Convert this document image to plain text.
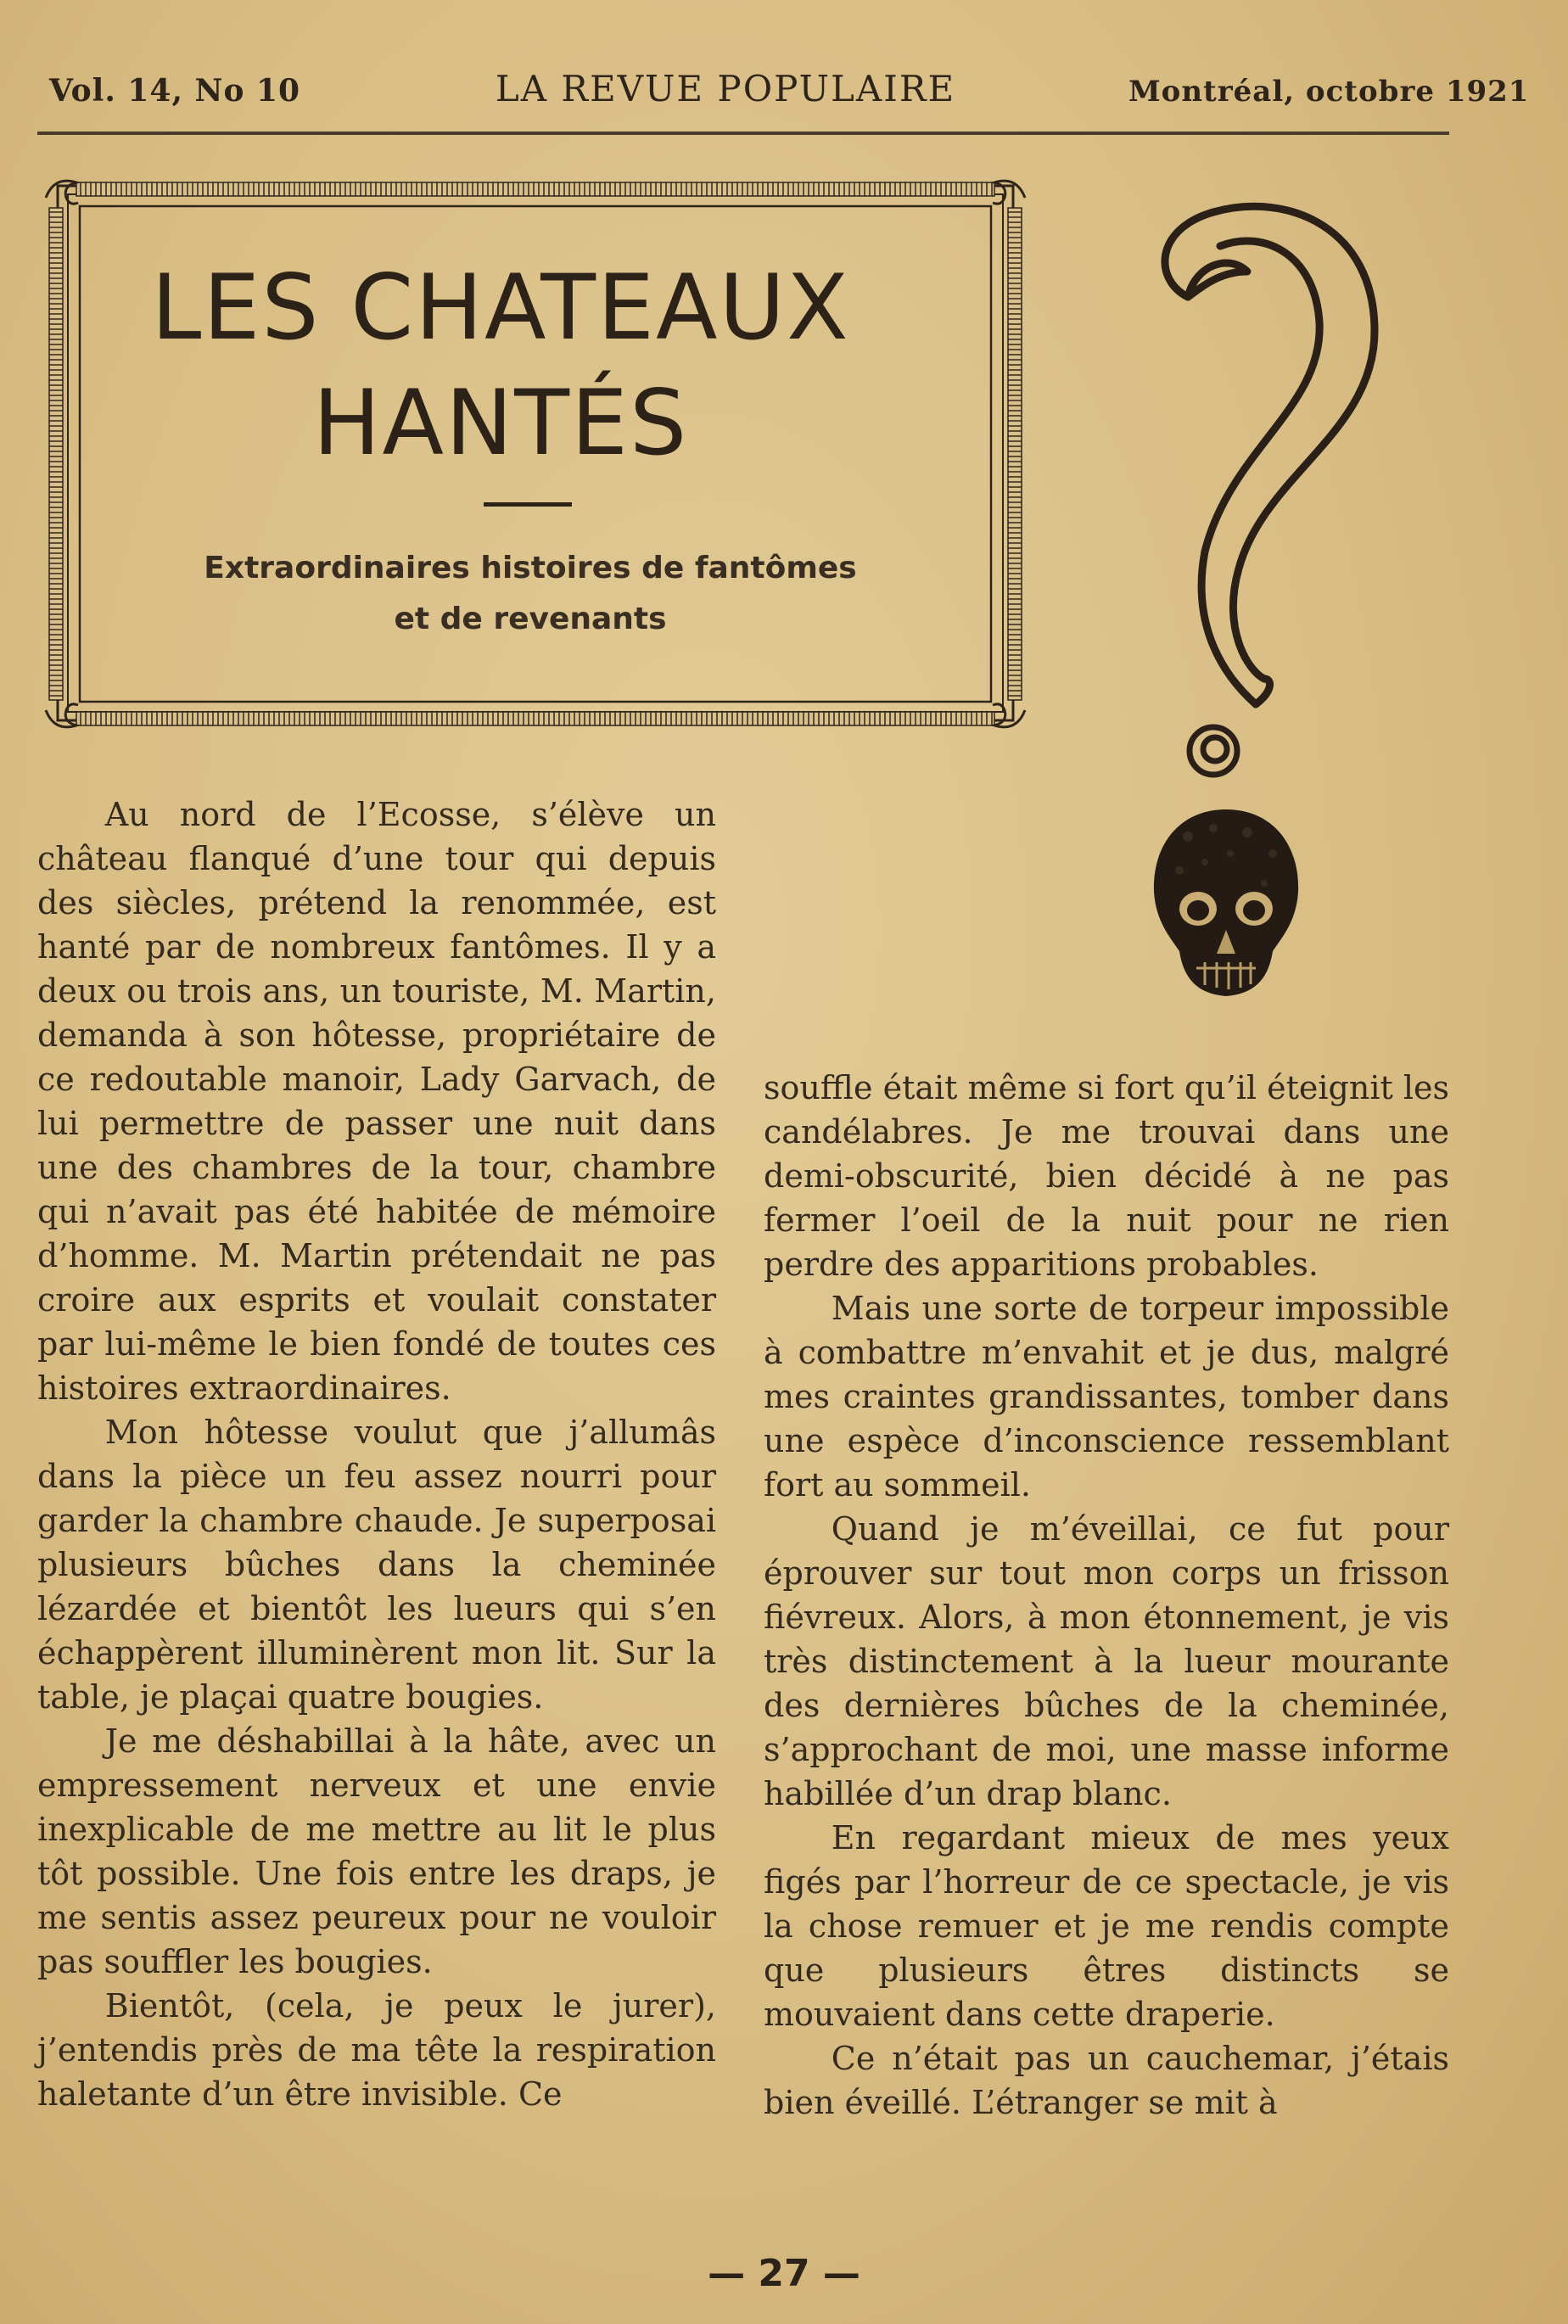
Vol. 14, No 10	LA REVUE POPULAIRE	Montréal, octobre 1921
LES CHATEAUX
HANTÉS
Extraordinaires histoires de fantômes
et de revenants

Au nord de l’Ecosse, s’élève un château flanqué d’une tour qui depuis des siècles, prétend la renommée, est hanté par de nombreux fantômes. Il y a deux ou trois ans, un touriste, M. Martin, demanda à son hôtesse, propriétaire de ce redoutable manoir, Lady Garvach, de lui permettre de passer une nuit dans une des chambres de la tour, chambre qui n’avait pas été habitée de mémoire d’homme. M. Martin prétendait ne pas croire aux esprits et voulait constater par lui-même le bien fondé de toutes ces histoires extraordinaires.

Mon hôtesse voulut que j’allumâs dans la pièce un feu assez nourri pour garder la chambre chaude. Je superposai plusieurs bûches dans la cheminée lézardée et bientôt les lueurs qui s’en échappèrent illuminèrent mon lit. Sur la table, je plaçai quatre bougies.

Je me déshabillai à la hâte, avec un empressement nerveux et une envie inexplicable de me mettre au lit le plus tôt possible. Une fois entre les draps, je me sentis assez peureux pour ne vouloir pas souffler les bougies.

Bientôt, (cela, je peux le jurer), j’entendis près de ma tête la respiration haletante d’un être invisible. Ce

souffle était même si fort qu’il éteignit les candélabres. Je me trouvai dans une demi-obscurité, bien décidé à ne pas fermer l’oeil de la nuit pour ne rien perdre des apparitions probables.

Mais une sorte de torpeur impossible à combattre m’envahit et je dus, malgré mes craintes grandissantes, tomber dans une espèce d’inconscience ressemblant fort au sommeil.

Quand je m’éveillai, ce fut pour éprouver sur tout mon corps un frisson fiévreux. Alors, à mon étonnement, je vis très distinctement à la lueur mourante des dernières bûches de la cheminée, s’approchant de moi, une masse informe habillée d’un drap blanc.

En regardant mieux de mes yeux figés par l’horreur de ce spectacle, je vis la chose remuer et je me rendis compte que plusieurs êtres distincts se mouvaient dans cette draperie.

Ce n’était pas un cauchemar, j’étais bien éveillé. L’étranger se mit à

— 27 —
